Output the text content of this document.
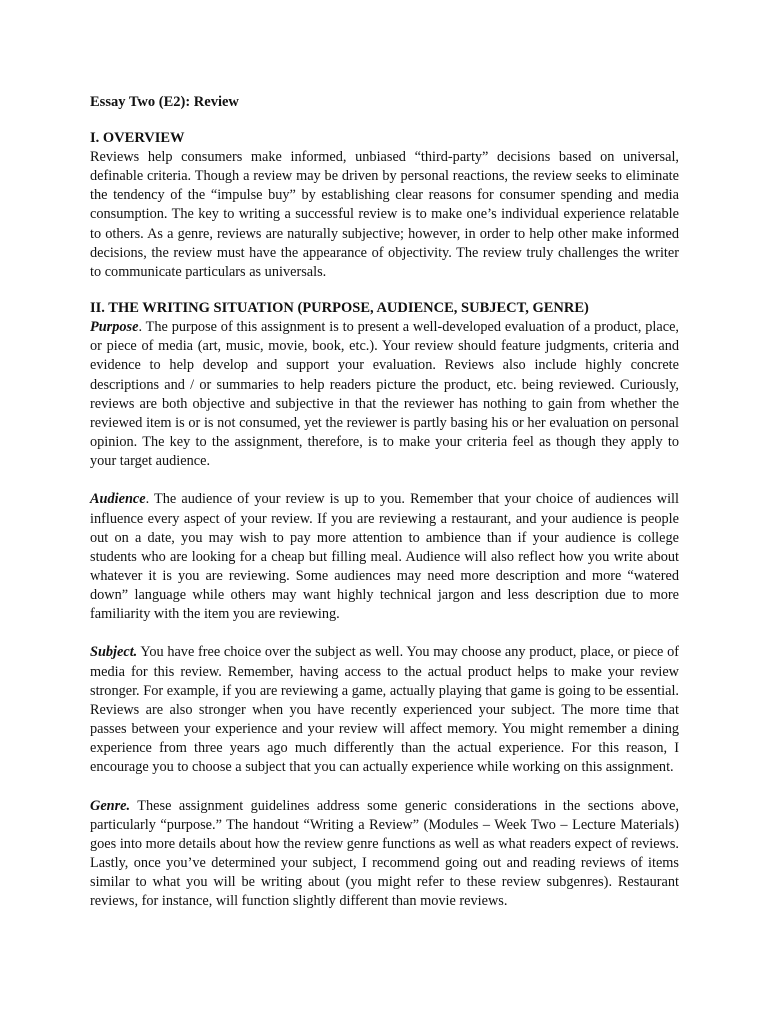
Essay Two (E2): Review
I. OVERVIEW

Reviews help consumers make informed, unbiased “third-party” decisions based on universal, definable criteria. Though a review may be driven by personal reactions, the review seeks to eliminate the tendency of the “impulse buy” by establishing clear reasons for consumer spending and media consumption. The key to writing a successful review is to make one’s individual experience relatable to others. As a genre, reviews are naturally subjective; however, in order to help other make informed decisions, the review must have the appearance of objectivity. The review truly challenges the writer to communicate particulars as universals.

II. THE WRITING SITUATION (PURPOSE, AUDIENCE, SUBJECT, GENRE)

Purpose. The purpose of this assignment is to present a well-developed evaluation of a product, place, or piece of media (art, music, movie, book, etc.). Your review should feature judgments, criteria and evidence to help develop and support your evaluation. Reviews also include highly concrete descriptions and / or summaries to help readers picture the product, etc. being reviewed. Curiously, reviews are both objective and subjective in that the reviewer has nothing to gain from whether the reviewed item is or is not consumed, yet the reviewer is partly basing his or her evaluation on personal opinion. The key to the assignment, therefore, is to make your criteria feel as though they apply to your target audience.

Audience. The audience of your review is up to you. Remember that your choice of audiences will influence every aspect of your review. If you are reviewing a restaurant, and your audience is people out on a date, you may wish to pay more attention to ambience than if your audience is college students who are looking for a cheap but filling meal. Audience will also reflect how you write about whatever it is you are reviewing. Some audiences may need more description and more “watered down” language while others may want highly technical jargon and less description due to more familiarity with the item you are reviewing.

Subject. You have free choice over the subject as well. You may choose any product, place, or piece of media for this review. Remember, having access to the actual product helps to make your review stronger. For example, if you are reviewing a game, actually playing that game is going to be essential. Reviews are also stronger when you have recently experienced your subject. The more time that passes between your experience and your review will affect memory. You might remember a dining experience from three years ago much differently than the actual experience. For this reason, I encourage you to choose a subject that you can actually experience while working on this assignment.

Genre. These assignment guidelines address some generic considerations in the sections above, particularly “purpose.” The handout “Writing a Review” (Modules – Week Two – Lecture Materials) goes into more details about how the review genre functions as well as what readers expect of reviews. Lastly, once you’ve determined your subject, I recommend going out and reading reviews of items similar to what you will be writing about (you might refer to these review subgenres). Restaurant reviews, for instance, will function slightly different than movie reviews.
